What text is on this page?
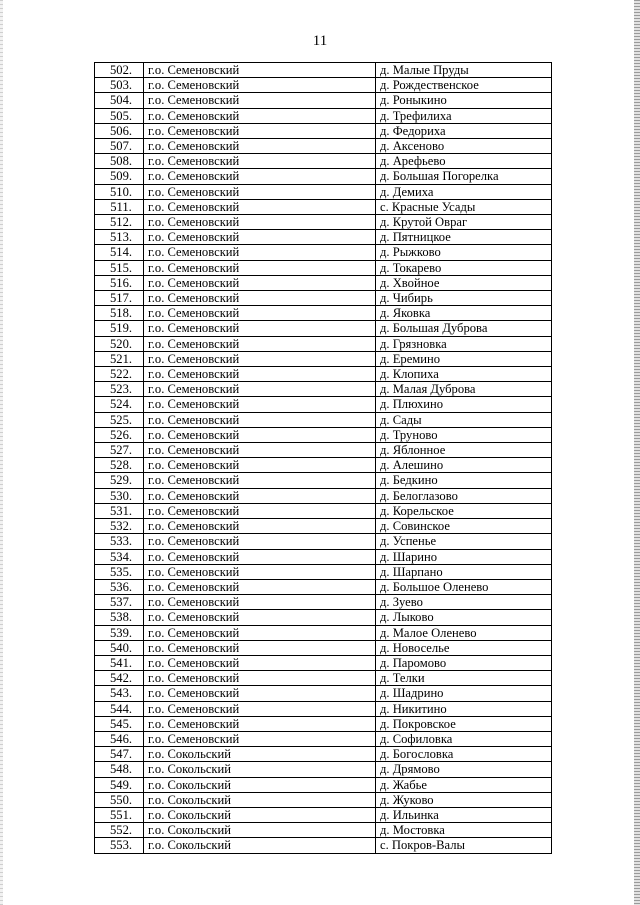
11
502.	г.о. Семеновский	д. Малые Пруды
503.	г.о. Семеновский	д. Рождественское
504.	г.о. Семеновский	д. Роныкино
505.	г.о. Семеновский	д. Трефилиха
506.	г.о. Семеновский	д. Федориха
507.	г.о. Семеновский	д. Аксеново
508.	г.о. Семеновский	д. Арефьево
509.	г.о. Семеновский	д. Большая Погорелка
510.	г.о. Семеновский	д. Демиха
511.	г.о. Семеновский	с. Красные Усады
512.	г.о. Семеновский	д. Крутой Овраг
513.	г.о. Семеновский	д. Пятницкое
514.	г.о. Семеновский	д. Рыжково
515.	г.о. Семеновский	д. Токарево
516.	г.о. Семеновский	д. Хвойное
517.	г.о. Семеновский	д. Чибирь
518.	г.о. Семеновский	д. Яковка
519.	г.о. Семеновский	д. Большая Дуброва
520.	г.о. Семеновский	д. Грязновка
521.	г.о. Семеновский	д. Еремино
522.	г.о. Семеновский	д. Клопиха
523.	г.о. Семеновский	д. Малая Дуброва
524.	г.о. Семеновский	д. Плюхино
525.	г.о. Семеновский	д. Сады
526.	г.о. Семеновский	д. Труново
527.	г.о. Семеновский	д. Яблонное
528.	г.о. Семеновский	д. Алешино
529.	г.о. Семеновский	д. Бедкино
530.	г.о. Семеновский	д. Белоглазово
531.	г.о. Семеновский	д. Корельское
532.	г.о. Семеновский	д. Совинское
533.	г.о. Семеновский	д. Успенье
534.	г.о. Семеновский	д. Шарино
535.	г.о. Семеновский	д. Шарпано
536.	г.о. Семеновский	д. Большое Оленево
537.	г.о. Семеновский	д. Зуево
538.	г.о. Семеновский	д. Лыково
539.	г.о. Семеновский	д. Малое Оленево
540.	г.о. Семеновский	д. Новоселье
541.	г.о. Семеновский	д. Паромово
542.	г.о. Семеновский	д. Телки
543.	г.о. Семеновский	д. Шадрино
544.	г.о. Семеновский	д. Никитино
545.	г.о. Семеновский	д. Покровское
546.	г.о. Семеновский	д. Софиловка
547.	г.о. Сокольский	д. Богословка
548.	г.о. Сокольский	д. Дрямово
549.	г.о. Сокольский	д. Жабье
550.	г.о. Сокольский	д. Жуково
551.	г.о. Сокольский	д. Ильинка
552.	г.о. Сокольский	д. Мостовка
553.	г.о. Сокольский	с. Покров-Валы
